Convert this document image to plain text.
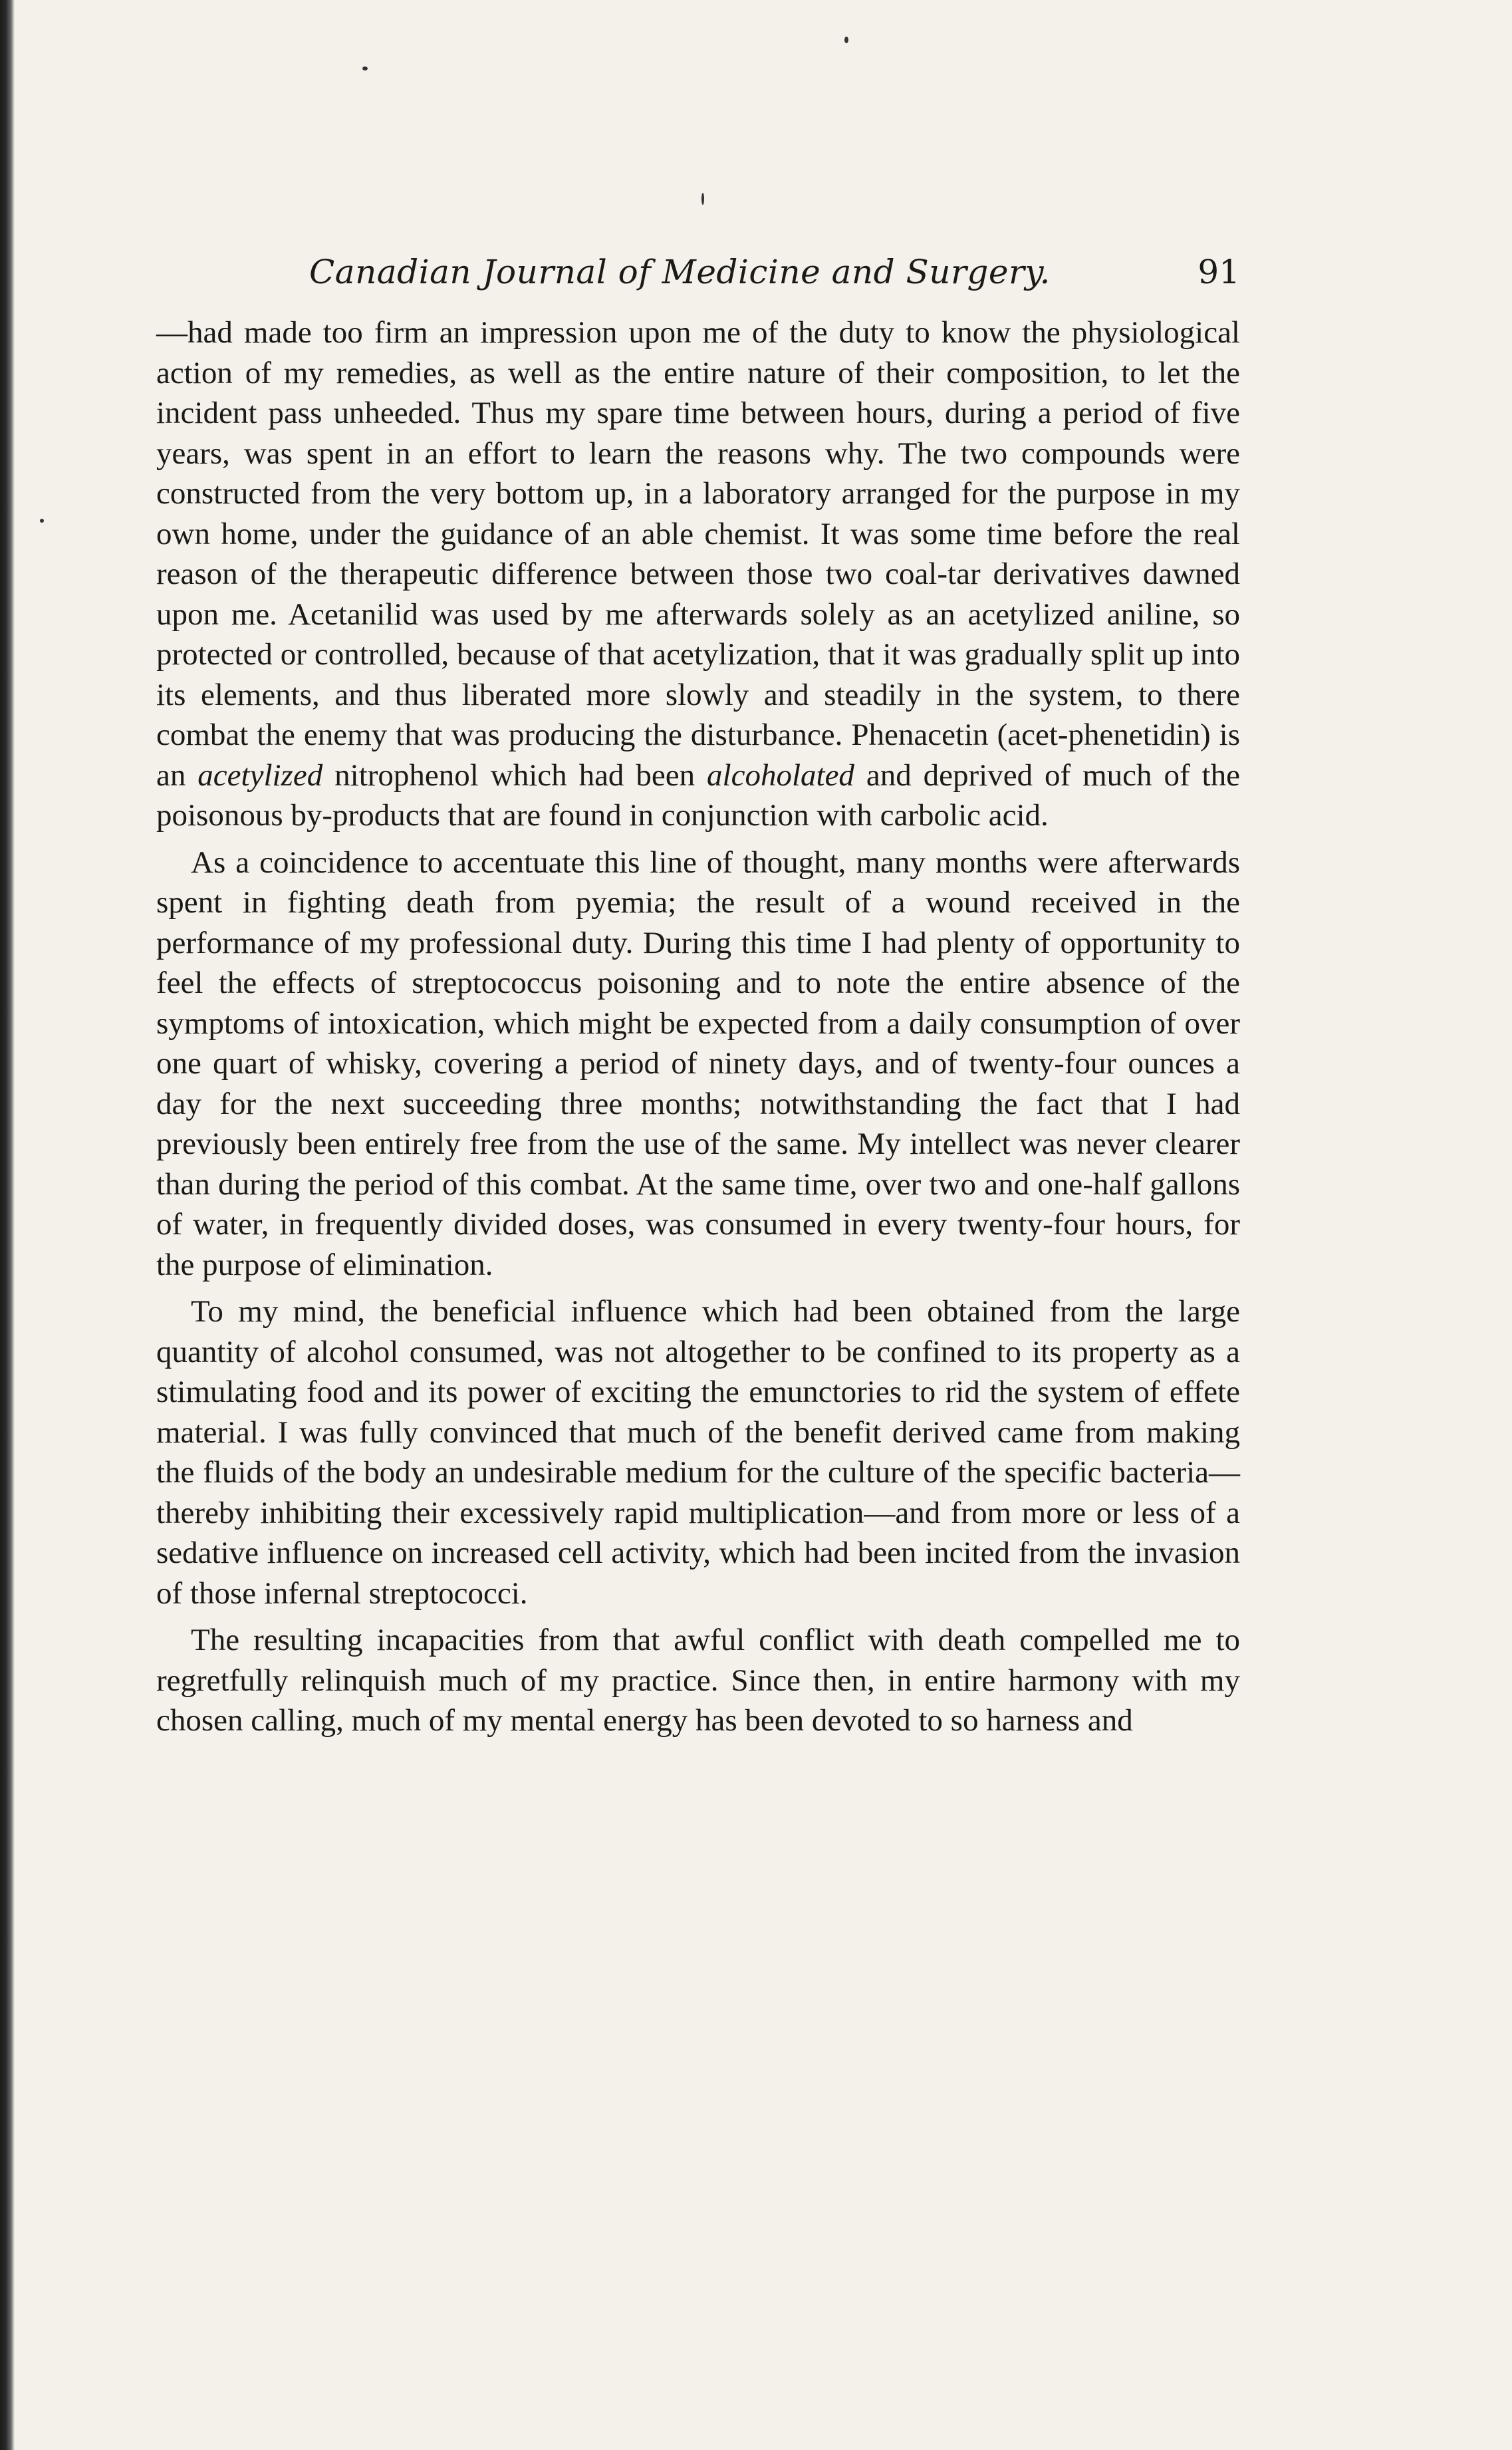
Canadian Journal of Medicine and Surgery.	91

—had made too firm an impression upon me of the duty to know the physiological action of my remedies, as well as the entire nature of their composition, to let the incident pass unheeded. Thus my spare time between hours, during a period of five years, was spent in an effort to learn the reasons why. The two compounds were constructed from the very bottom up, in a laboratory arranged for the purpose in my own home, under the guidance of an able chemist. It was some time before the real reason of the therapeutic difference between those two coal-tar derivatives dawned upon me. Acetanilid was used by me afterwards solely as an acetylized aniline, so protected or controlled, because of that acetylization, that it was gradually split up into its elements, and thus liberated more slowly and steadily in the system, to there combat the enemy that was producing the disturbance. Phenacetin (acet-phenetidin) is an acetylized nitrophenol which had been alcoholated and deprived of much of the poisonous by-products that are found in conjunction with carbolic acid.

As a coincidence to accentuate this line of thought, many months were afterwards spent in fighting death from pyemia; the result of a wound received in the performance of my professional duty. During this time I had plenty of opportunity to feel the effects of streptococcus poisoning and to note the entire absence of the symptoms of intoxication, which might be expected from a daily consumption of over one quart of whisky, covering a period of ninety days, and of twenty-four ounces a day for the next succeeding three months; notwithstanding the fact that I had previously been entirely free from the use of the same. My intellect was never clearer than during the period of this combat. At the same time, over two and one-half gallons of water, in frequently divided doses, was consumed in every twenty-four hours, for the purpose of elimination.

To my mind, the beneficial influence which had been obtained from the large quantity of alcohol consumed, was not altogether to be confined to its property as a stimulating food and its power of exciting the emunctories to rid the system of effete material. I was fully convinced that much of the benefit derived came from making the fluids of the body an undesirable medium for the culture of the specific bacteria—thereby inhibiting their excessively rapid multiplication—and from more or less of a sedative influence on increased cell activity, which had been incited from the invasion of those infernal streptococci.

The resulting incapacities from that awful conflict with death compelled me to regretfully relinquish much of my practice. Since then, in entire harmony with my chosen calling, much of my mental energy has been devoted to so harness and
